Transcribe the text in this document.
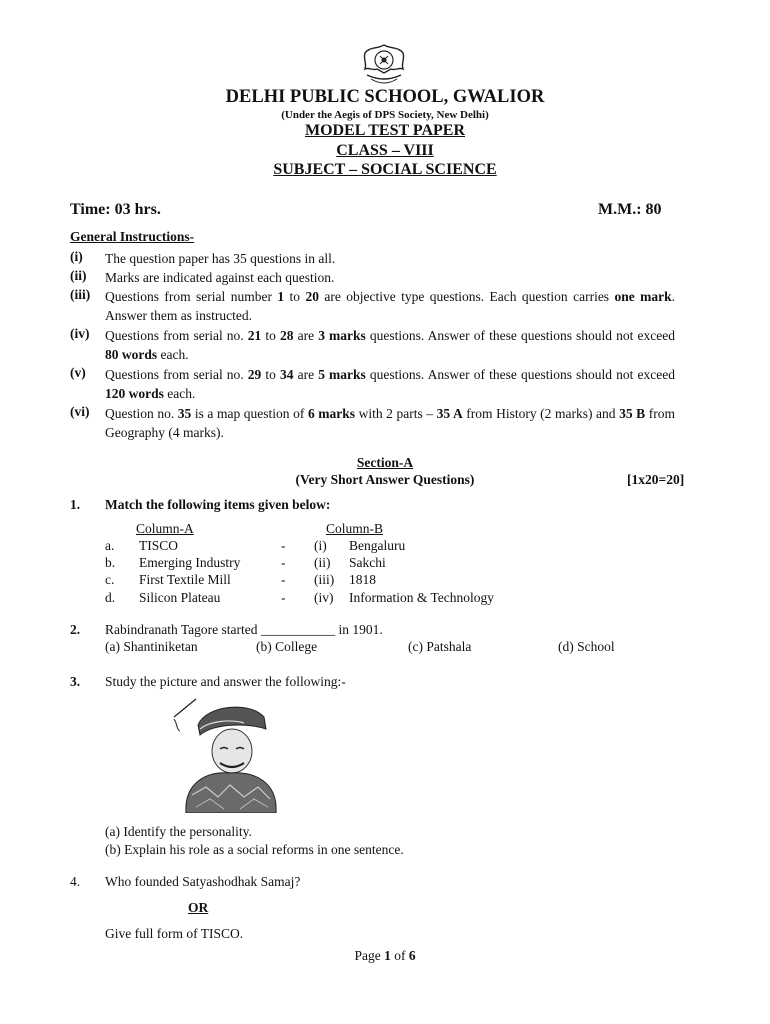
DELHI PUBLIC SCHOOL, GWALIOR
(Under the Aegis of DPS Society, New Delhi)
MODEL TEST PAPER
CLASS – VIII
SUBJECT – SOCIAL SCIENCE
Time: 03 hrs.	M.M.: 80
General Instructions-
(i) The question paper has 35 questions in all.
(ii) Marks are indicated against each question.
(iii) Questions from serial number 1 to 20 are objective type questions. Each question carries one mark. Answer them as instructed.
(iv) Questions from serial no. 21 to 28 are 3 marks questions. Answer of these questions should not exceed 80 words each.
(v) Questions from serial no. 29 to 34 are 5 marks questions. Answer of these questions should not exceed 120 words each.
(vi) Question no. 35 is a map question of 6 marks with 2 parts – 35 A from History (2 marks) and 35 B from Geography (4 marks).
Section-A
(Very Short Answer Questions)	[1x20=20]
1. Match the following items given below:
Column-A	Column-B
a. TISCO	- (i) Bengaluru
b. Emerging Industry	- (ii) Sakchi
c. First Textile Mill	- (iii) 1818
d. Silicon Plateau	- (iv) Information & Technology
2. Rabindranath Tagore started ___________ in 1901.
(a) Shantiniketan	(b) College	(c) Patshala	(d) School
3. Study the picture and answer the following:-
(a) Identify the personality.
(b) Explain his role as a social reforms in one sentence.
4. Who founded Satyashodhak Samaj?
OR
Give full form of TISCO.
Page 1 of 6
